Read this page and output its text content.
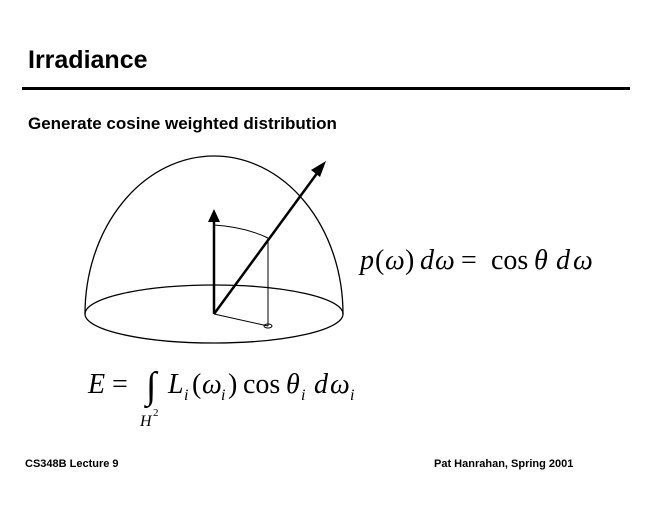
Irradiance
Generate cosine weighted distribution
p ( ω ) d ω = cos θ d ω
E = ∫
H 2
L i ( ω i ) cos θ i d ω i
CS348B Lecture 9	Pat Hanrahan, Spring 2001
